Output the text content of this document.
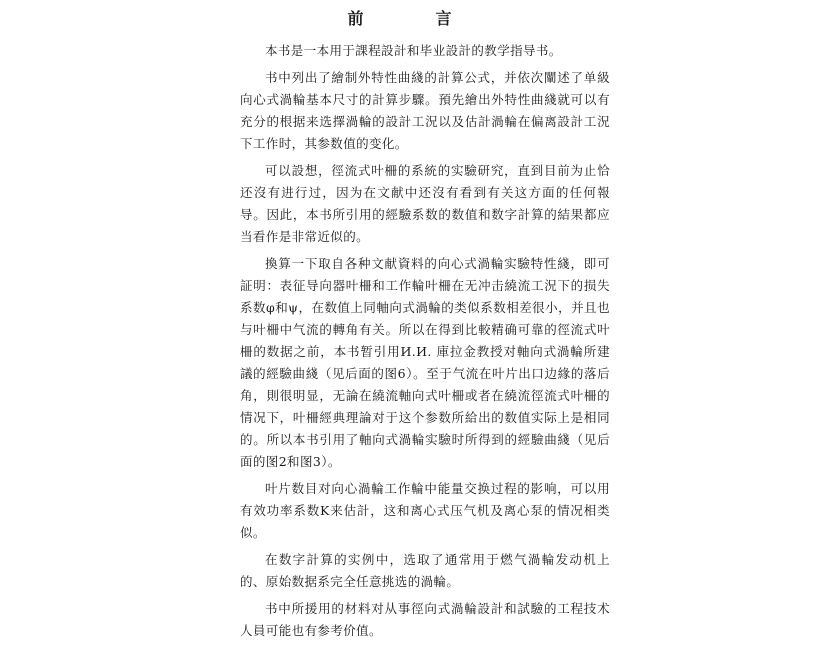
前　言

本书是一本用于課程設計和毕业設計的教学指导书。

书中列出了繪制外特性曲綫的計算公式，并依次闡述了单級向心式渦輪基本尺寸的計算步驟。預先繪出外特性曲綫就可以有充分的根据来选擇渦輪的設計工況以及估計渦輪在偏离設計工況下工作时，其参数值的变化。

可以設想，徑流式叶柵的系統的实驗研究，直到目前为止恰还沒有进行过，因为在文献中还沒有看到有关这方面的任何報导。因此，本书所引用的經驗系数的数值和数字計算的結果都应当看作是非常近似的。

換算一下取自各种文献資料的向心式渦輪实驗特性綫，即可証明：表征导向器叶柵和工作輪叶柵在无冲击繞流工況下的损失系数φ和ψ，在数值上同軸向式渦輪的类似系数相差很小，并且也与叶柵中气流的轉角有关。所以在得到比較精确可靠的徑流式叶柵的数据之前，本书暂引用И.И. 庫拉金教授对軸向式渦輪所建議的經驗曲綫（见后面的图6）。至于气流在叶片出口边緣的落后角，則很明显，无論在繞流軸向式叶柵或者在繞流徑流式叶柵的情况下，叶柵經典理論对于这个参数所給出的数值实际上是相同的。所以本书引用了軸向式渦輪实驗时所得到的經驗曲綫（见后面的图2和图3）。

叶片数目对向心渦輪工作輪中能量交换过程的影响，可以用有效功率系数K来估計，这和离心式压气机及离心泵的情况相类似。

在数字計算的实例中，选取了通常用于燃气渦輪发动机上的、原始数据系完全任意挑选的渦輪。

书中所援用的材料对从事徑向式渦輪設計和試驗的工程技术人員可能也有参考价值。
